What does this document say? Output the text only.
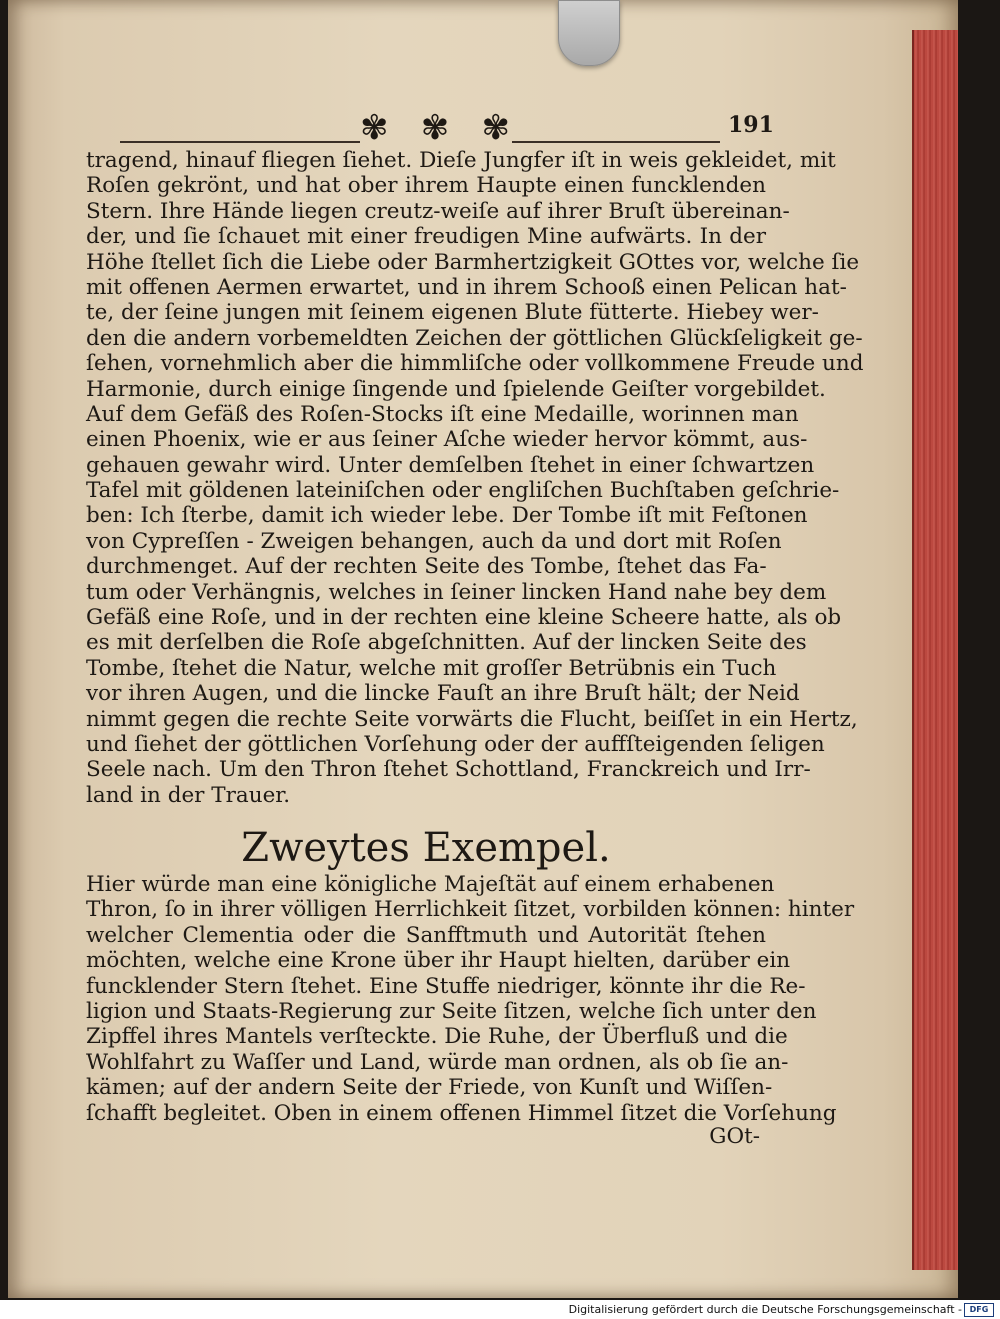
✾ ✾ ✾	191
tragend, hinauf fliegen ſiehet. Dieſe Jungfer iſt in weis gekleidet, mit
Roſen gekrönt, und hat ober ihrem Haupte einen funcklenden
Stern. Ihre Hände liegen creutz-weiſe auf ihrer Bruſt übereinan-
der, und ſie ſchauet mit einer freudigen Mine aufwärts. In der
Höhe ſtellet ſich die Liebe oder Barmhertzigkeit GOttes vor, welche ſie
mit offenen Aermen erwartet, und in ihrem Schooß einen Pelican hat-
te, der ſeine jungen mit ſeinem eigenen Blute fütterte. Hiebey wer-
den die andern vorbemeldten Zeichen der göttlichen Glückſeligkeit ge-
ſehen, vornehmlich aber die himmliſche oder vollkommene Freude und
Harmonie, durch einige ſingende und ſpielende Geiſter vorgebildet.
Auf dem Gefäß des Roſen-Stocks iſt eine Medaille, worinnen man
einen Phoenix, wie er aus ſeiner Aſche wieder hervor kömmt, aus-
gehauen gewahr wird. Unter demſelben ſtehet in einer ſchwartzen
Tafel mit göldenen lateiniſchen oder engliſchen Buchſtaben geſchrie-
ben: Ich ſterbe, damit ich wieder lebe. Der Tombe iſt mit Feſtonen
von Cypreſſen - Zweigen behangen, auch da und dort mit Roſen
durchmenget. Auf der rechten Seite des Tombe, ſtehet das Fa-
tum oder Verhängnis, welches in ſeiner lincken Hand nahe bey dem
Gefäß eine Roſe, und in der rechten eine kleine Scheere hatte, als ob
es mit derſelben die Roſe abgeſchnitten. Auf der lincken Seite des
Tombe, ſtehet die Natur, welche mit groſſer Betrübnis ein Tuch
vor ihren Augen, und die lincke Fauſt an ihre Bruſt hält; der Neid
nimmt gegen die rechte Seite vorwärts die Flucht, beiſſet in ein Hertz,
und ſiehet der göttlichen Vorſehung oder der auffſteigenden ſeligen
Seele nach. Um den Thron ſtehet Schottland, Franckreich und Irr-
land in der Trauer.
Zweytes Exempel.
Hier würde man eine königliche Majeſtät auf einem erhabenen
Thron, ſo in ihrer völligen Herrlichkeit ſitzet, vorbilden können: hinter
welcher Clementia oder die Sanfftmuth und Autorität ſtehen
möchten, welche eine Krone über ihr Haupt hielten, darüber ein
funcklender Stern ſtehet. Eine Stuffe niedriger, könnte ihr die Re-
ligion und Staats-Regierung zur Seite ſitzen, welche ſich unter den
Zipffel ihres Mantels verſteckte. Die Ruhe, der Überfluß und die
Wohlfahrt zu Waſſer und Land, würde man ordnen, als ob ſie an-
kämen; auf der andern Seite der Friede, von Kunſt und Wiſſen-
ſchafft begleitet. Oben in einem offenen Himmel ſitzet die Vorſehung
GOt-
Digitalisierung gefördert durch die Deutsche Forschungsgemeinschaft - DFG
